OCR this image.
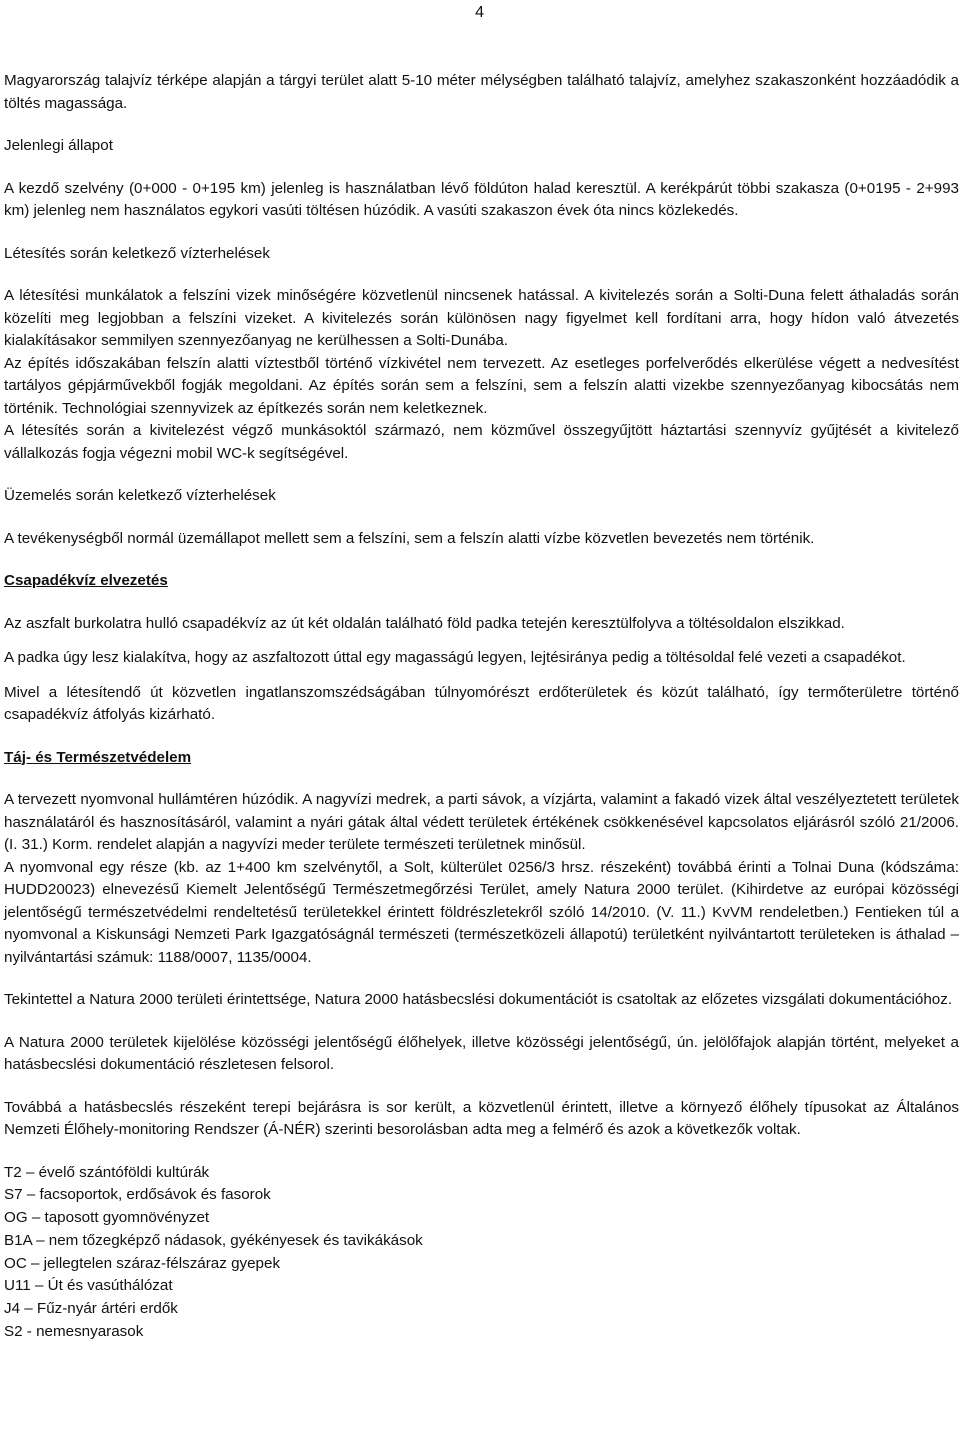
4

Magyarország talajvíz térképe alapján a tárgyi terület alatt 5-10 méter mélységben található talajvíz, amelyhez szakaszonként hozzáadódik a töltés magassága.

Jelenlegi állapot

A kezdő szelvény (0+000 - 0+195 km) jelenleg is használatban lévő földúton halad keresztül. A kerékpárút többi szakasza (0+0195 - 2+993 km) jelenleg nem használatos egykori vasúti töltésen húzódik. A vasúti szakaszon évek óta nincs közlekedés.

Létesítés során keletkező vízterhelések

A létesítési munkálatok a felszíni vizek minőségére közvetlenül nincsenek hatással. A kivitelezés során a Solti-Duna felett áthaladás során közelíti meg legjobban a felszíni vizeket. A kivitelezés során különösen nagy figyelmet kell fordítani arra, hogy hídon való átvezetés kialakításakor semmilyen szennyezőanyag ne kerülhessen a Solti-Dunába.

Az építés időszakában felszín alatti víztestből történő vízkivétel nem tervezett. Az esetleges porfelverődés elkerülése végett a nedvesítést tartályos gépjárművekből fogják megoldani. Az építés során sem a felszíni, sem a felszín alatti vizekbe szennyezőanyag kibocsátás nem történik. Technológiai szennyvizek az építkezés során nem keletkeznek.

A létesítés során a kivitelezést végző munkásoktól származó, nem közművel összegyűjtött háztartási szennyvíz gyűjtését a kivitelező vállalkozás fogja végezni mobil WC-k segítségével.

Üzemelés során keletkező vízterhelések

A tevékenységből normál üzemállapot mellett sem a felszíni, sem a felszín alatti vízbe közvetlen bevezetés nem történik.

Csapadékvíz elvezetés

Az aszfalt burkolatra hulló csapadékvíz az út két oldalán található föld padka tetején keresztülfolyva a töltésoldalon elszikkad.

A padka úgy lesz kialakítva, hogy az aszfaltozott úttal egy magasságú legyen, lejtésiránya pedig a töltésoldal felé vezeti a csapadékot.

Mivel a létesítendő út közvetlen ingatlanszomszédságában túlnyomórészt erdőterületek és közút található, így termőterületre történő csapadékvíz átfolyás kizárható.

Táj- és Természetvédelem

A tervezett nyomvonal hullámtéren húzódik. A nagyvízi medrek, a parti sávok, a vízjárta, valamint a fakadó vizek által veszélyeztetett területek használatáról és hasznosításáról, valamint a nyári gátak által védett területek értékének csökkenésével kapcsolatos eljárásról szóló 21/2006. (I. 31.) Korm. rendelet alapján a nagyvízi meder területe természeti területnek minősül.

A nyomvonal egy része (kb. az 1+400 km szelvénytől, a Solt, külterület 0256/3 hrsz. részeként) továbbá érinti a Tolnai Duna (kódszáma: HUDD20023) elnevezésű Kiemelt Jelentőségű Természetmegőrzési Terület, amely Natura 2000 terület. (Kihirdetve az európai közösségi jelentőségű természetvédelmi rendeltetésű területekkel érintett földrészletekről szóló 14/2010. (V. 11.) KvVM rendeletben.) Fentieken túl a nyomvonal a Kiskunsági Nemzeti Park Igazgatóságnál természeti (természetközeli állapotú) területként nyilvántartott területeken is áthalad – nyilvántartási számuk: 1188/0007, 1135/0004.

Tekintettel a Natura 2000 területi érintettsége, Natura 2000 hatásbecslési dokumentációt is csatoltak az előzetes vizsgálati dokumentációhoz.

A Natura 2000 területek kijelölése közösségi jelentőségű élőhelyek, illetve közösségi jelentőségű, ún. jelölőfajok alapján történt, melyeket a hatásbecslési dokumentáció részletesen felsorol.

Továbbá a hatásbecslés részeként terepi bejárásra is sor került, a közvetlenül érintett, illetve a környező élőhely típusokat az Általános Nemzeti Élőhely-monitoring Rendszer (Á-NÉR) szerinti besorolásban adta meg a felmérő és azok a következők voltak.

T2 – évelő szántóföldi kultúrák
S7 – facsoportok, erdősávok és fasorok
OG – taposott gyomnövényzet
B1A – nem tőzegképző nádasok, gyékényesek és tavikákások
OC – jellegtelen száraz-félszáraz gyepek
U11 – Út és vasúthálózat
J4 – Fűz-nyár ártéri erdők
S2 - nemesnyarasok
